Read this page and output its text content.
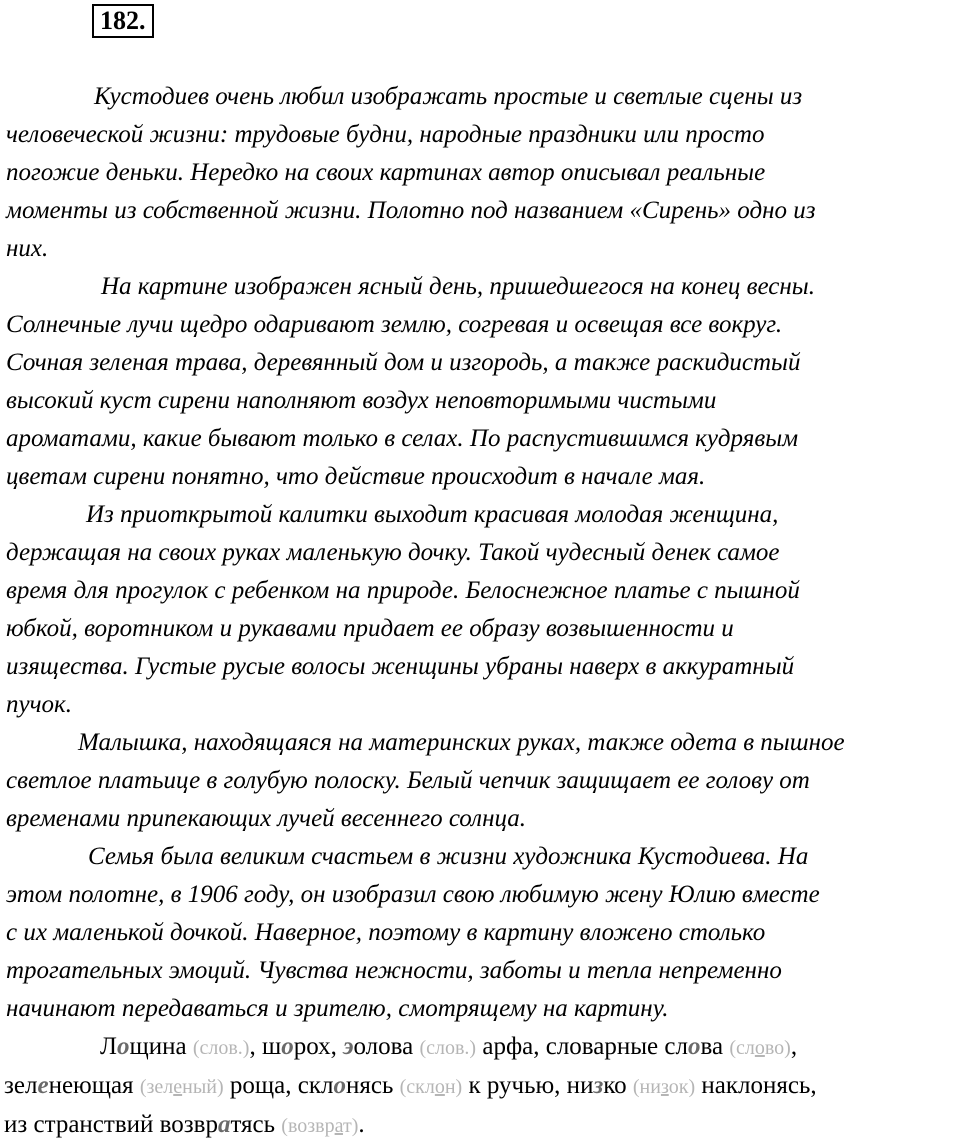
182.
Кустодиев очень любил изображать простые и светлые сцены из
человеческой жизни: трудовые будни, народные праздники или просто
погожие деньки. Нередко на своих картинах автор описывал реальные
моменты из собственной жизни. Полотно под названием «Сирень» одно из
них.
На картине изображен ясный день, пришедшегося на конец весны.
Солнечные лучи щедро одаривают землю, согревая и освещая все вокруг.
Сочная зеленая трава, деревянный дом и изгородь, а также раскидистый
высокий куст сирени наполняют воздух неповторимыми чистыми
ароматами, какие бывают только в селах. По распустившимся кудрявым
цветам сирени понятно, что действие происходит в начале мая.
Из приоткрытой калитки выходит красивая молодая женщина,
держащая на своих руках маленькую дочку. Такой чудесный денек самое
время для прогулок с ребенком на природе. Белоснежное платье с пышной
юбкой, воротником и рукавами придает ее образу возвышенности и
изящества. Густые русые волосы женщины убраны наверх в аккуратный
пучок.
Малышка, находящаяся на материнских руках, также одета в пышное
светлое платьице в голубую полоску. Белый чепчик защищает ее голову от
временами припекающих лучей весеннего солнца.
Семья была великим счастьем в жизни художника Кустодиева. На
этом полотне, в 1906 году, он изобразил свою любимую жену Юлию вместе
с их маленькой дочкой. Наверное, поэтому в картину вложено столько
трогательных эмоций. Чувства нежности, заботы и тепла непременно
начинают передаваться и зрителю, смотрящему на картину.
Лощина (слов.), шорох, эолова (слов.) арфа, словарные слова (слово),
зеленеющая (зеленый) роща, склонясь (склон) к ручью, низко (низок) наклонясь,
из странствий возвратясь (возврат).
